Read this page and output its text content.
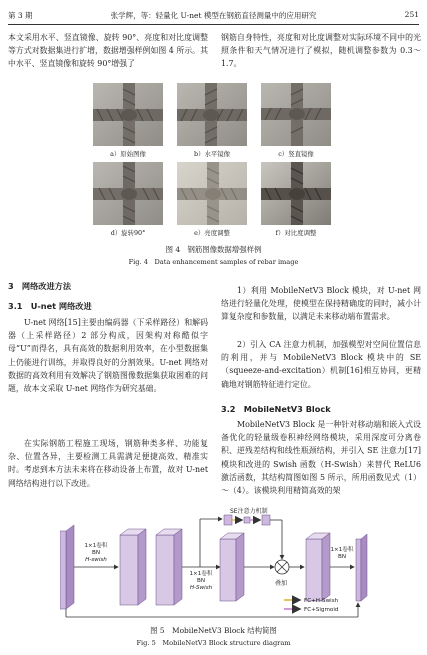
第 3 期	张学辉，等：轻量化 U-net 模型在钢筋直径测量中的应用研究	251
本文采用水平、竖直镜像、旋转 90°、亮度和对比度调整等方式对数据集进行扩增，数据增强样例如图 4 所示。其中水平、竖直镜像和旋转 90°增强了
钢筋自身特性，亮度和对比度调整对实际环境不同中的光照条件和天气情况进行了模拟，随机调整参数为 0.3～1.7。
a）原始图像	b）水平镜像	c）竖直镜像
d）旋转90°	e）亮度调整	f）对比度调整
图 4　钢筋图像数据增强样例
Fig. 4　Data enhancement samples of rebar image
3　网络改进方法
3.1　U-net 网络改进
U-net 网络[15]主要由编码器（下采样路径）和解码器（上采样路径）2 部分构成，因架构对称酷似字母“U”而得名，具有高效的数据利用效率，在小型数据集上仍能进行训练，并取得良好的分割效果。U-net 网络对数据的高效利用有效解决了钢筋图像数据集获取困难的问题，故本文采取 U-net 网络作为研究基础。
在实际钢筋工程施工现场，钢筋种类多样、功能复杂、位置各异，主要检测工具需满足便捷高效、精准实时。考虑到本方法未来将在移动设备上布置，故对 U-net 网络结构进行以下改进。
1）利用 MobileNetV3 Block 模块，对 U-net 网络进行轻量化处理，使模型在保持精确度的同时，减小计算复杂度和参数量，以满足未来移动端布置需求。
2）引入 CA 注意力机制，加强模型对空间位置信息的利用，并与 MobileNetV3 Block 模块中的 SE（squeeze-and-excitation）机制[16]相互协同，更精确地对钢筋特征进行定位。
3.2　MobileNetV3 Block
MobileNetV3 Block 是一种针对移动端和嵌入式设备优化的轻量级卷积神经网络模块，采用深度可分离卷积、逆残差结构和线性瓶颈结构，并引入 SE 注意力[17]模块和改进的 Swish 函数（H-Swish）来替代 ReLU6 激活函数，其结构简图如图 5 所示，所用函数见式（1）～（4）。该模块利用精简高效的架
SE注意力机制
叠加
1×1卷积
BN
H-swish
1×1卷积
BN
H-Swish
1×1卷积
BN
FC+H-Swish
FC+Sigmoid
图 5　MobileNetV3 Block 结构简图
Fig. 5　MobileNetV3 Block structure diagram
